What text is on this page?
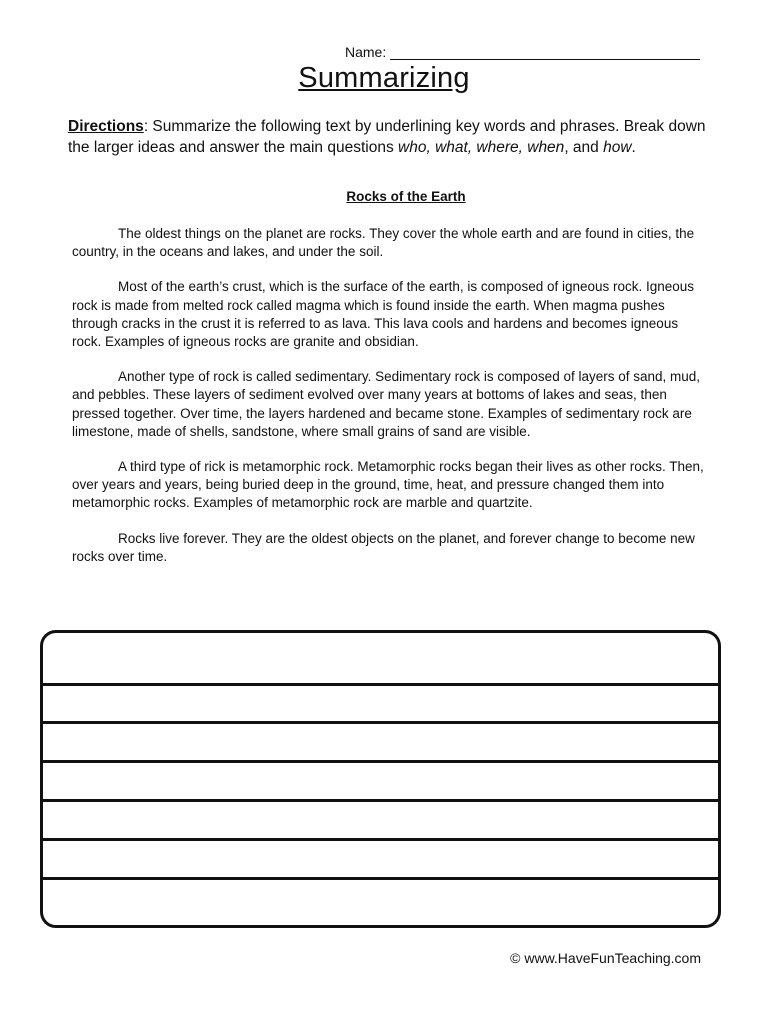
Name:
Summarizing
Directions: Summarize the following text by underlining key words and phrases. Break down the larger ideas and answer the main questions who, what, where, when, and how.
Rocks of the Earth

The oldest things on the planet are rocks. They cover the whole earth and are found in cities, the country, in the oceans and lakes, and under the soil.

Most of the earth’s crust, which is the surface of the earth, is composed of igneous rock. Igneous rock is made from melted rock called magma which is found inside the earth. When magma pushes through cracks in the crust it is referred to as lava. This lava cools and hardens and becomes igneous rock. Examples of igneous rocks are granite and obsidian.

Another type of rock is called sedimentary. Sedimentary rock is composed of layers of sand, mud, and pebbles. These layers of sediment evolved over many years at bottoms of lakes and seas, then pressed together. Over time, the layers hardened and became stone. Examples of sedimentary rock are limestone, made of shells, sandstone, where small grains of sand are visible.

A third type of rick is metamorphic rock. Metamorphic rocks began their lives as other rocks. Then, over years and years, being buried deep in the ground, time, heat, and pressure changed them into metamorphic rocks. Examples of metamorphic rock are marble and quartzite.

Rocks live forever. They are the oldest objects on the planet, and forever change to become new rocks over time.

© www.HaveFunTeaching.com
